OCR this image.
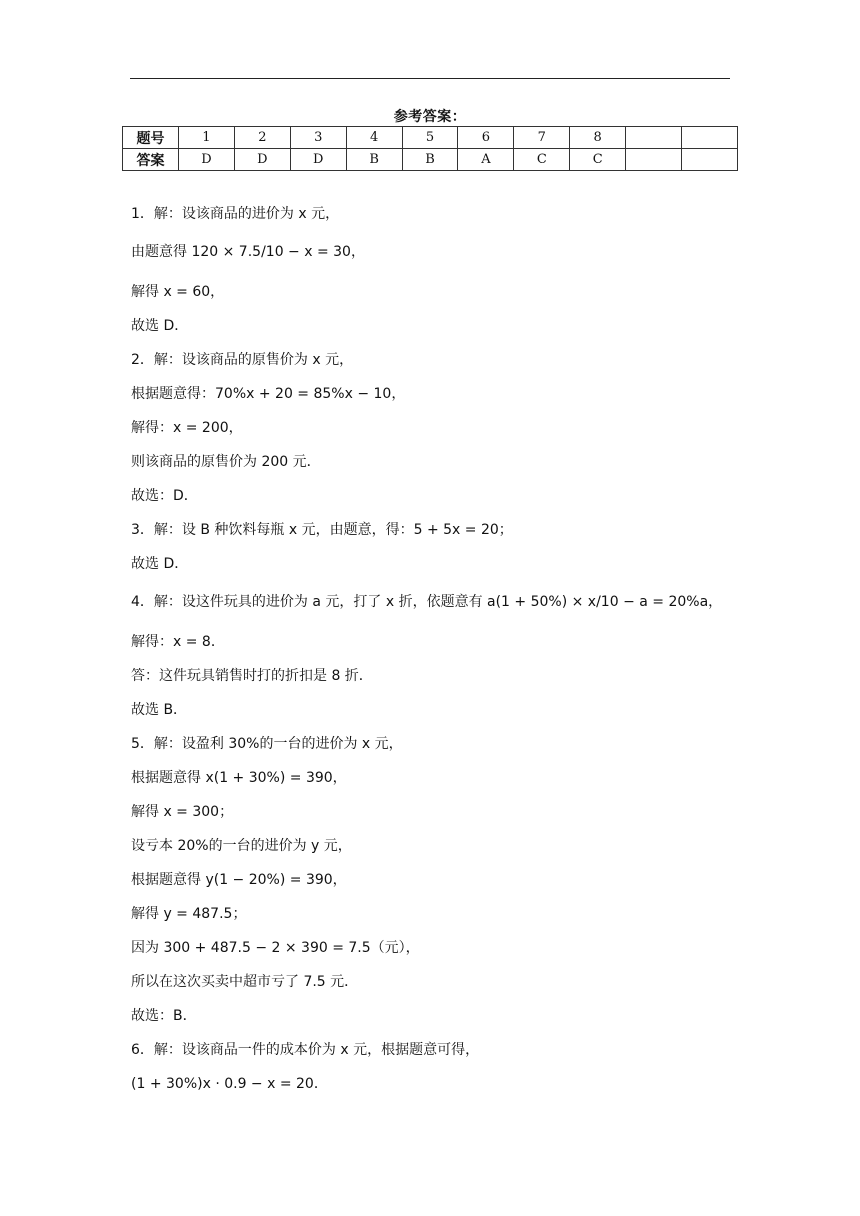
参考答案：
题号	1	2	3	4	5	6	7	8		
答案	D	D	D	B	B	A	C	C		
1．解：设该商品的进价为 x 元，
由题意得 120 × 7.5/10 − x = 30，
解得 x = 60，
故选 D．
2．解：设该商品的原售价为 x 元，
根据题意得：70%x + 20 = 85%x − 10，
解得：x = 200，
则该商品的原售价为 200 元．
故选：D．
3．解：设 B 种饮料每瓶 x 元，由题意，得：5 + 5x = 20；
故选 D．
4．解：设这件玩具的进价为 a 元，打了 x 折，依题意有 a(1 + 50%) × x/10 − a = 20%a，
解得：x = 8．
答：这件玩具销售时打的折扣是 8 折．
故选 B．
5．解：设盈利 30%的一台的进价为 x 元，
根据题意得 x(1 + 30%) = 390，
解得 x = 300；
设亏本 20%的一台的进价为 y 元，
根据题意得 y(1 − 20%) = 390，
解得 y = 487.5；
因为 300 + 487.5 − 2 × 390 = 7.5（元），
所以在这次买卖中超市亏了 7.5 元．
故选：B．
6．解：设该商品一件的成本价为 x 元，根据题意可得，
(1 + 30%)x · 0.9 − x = 20．
